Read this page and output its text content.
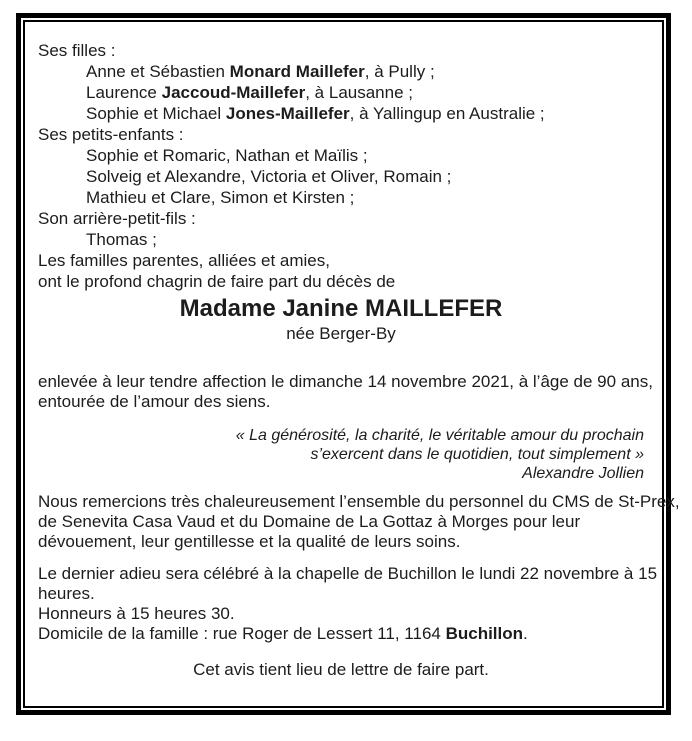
Ses filles :
Anne et Sébastien Monard Maillefer, à Pully ;
Laurence Jaccoud-Maillefer, à Lausanne ;
Sophie et Michael Jones-Maillefer, à Yallingup en Australie ;
Ses petits-enfants :
Sophie et Romaric, Nathan et Maïlis ;
Solveig et Alexandre, Victoria et Oliver, Romain ;
Mathieu et Clare, Simon et Kirsten ;
Son arrière-petit-fils :
Thomas ;
Les familles parentes, alliées et amies,
ont le profond chagrin de faire part du décès de
Madame Janine MAILLEFER
née Berger-By
enlevée à leur tendre affection le dimanche 14 novembre 2021, à l’âge de 90 ans,
entourée de l’amour des siens.
« La générosité, la charité, le véritable amour du prochain
s’exercent dans le quotidien, tout simplement »
Alexandre Jollien
Nous remercions très chaleureusement l’ensemble du personnel du CMS de St-Prex,
de Senevita Casa Vaud et du Domaine de La Gottaz à Morges pour leur
dévouement, leur gentillesse et la qualité de leurs soins.
Le dernier adieu sera célébré à la chapelle de Buchillon le lundi 22 novembre à 15
heures.
Honneurs à 15 heures 30.
Domicile de la famille : rue Roger de Lessert 11, 1164 Buchillon.
Cet avis tient lieu de lettre de faire part.
